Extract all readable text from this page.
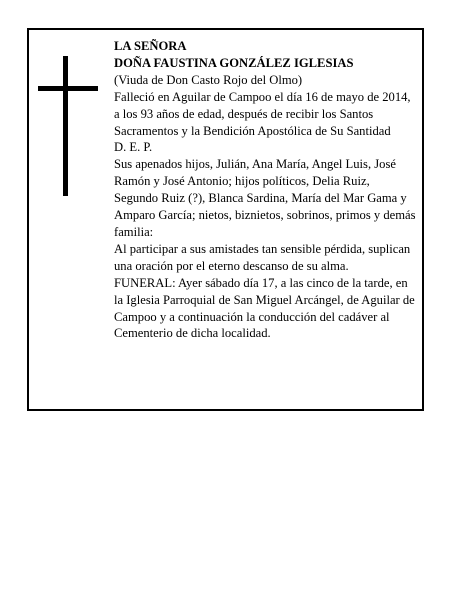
LA SEÑORA

DOÑA FAUSTINA GONZÁLEZ IGLESIAS

(Viuda de Don Casto Rojo del Olmo)

Falleció en Aguilar de Campoo el día 16 de mayo de 2014, a los 93 años de edad, después de recibir los Santos Sacramentos y la Bendición Apostólica de Su Santidad

D. E. P.

Sus apenados hijos, Julián, Ana María, Angel Luis, José Ramón y José Antonio; hijos políticos, Delia Ruiz, Segundo Ruiz (?), Blanca Sardina, María del Mar Gama y Amparo García; nietos, biznietos, sobrinos, primos y demás familia:

Al participar a sus amistades tan sensible pérdida, suplican una oración por el eterno descanso de su alma.

FUNERAL: Ayer sábado día 17, a las cinco de la tarde, en la Iglesia Parroquial de San Miguel Arcángel, de Aguilar de Campoo y a continuación la conducción del cadáver al Cementerio de dicha localidad.
